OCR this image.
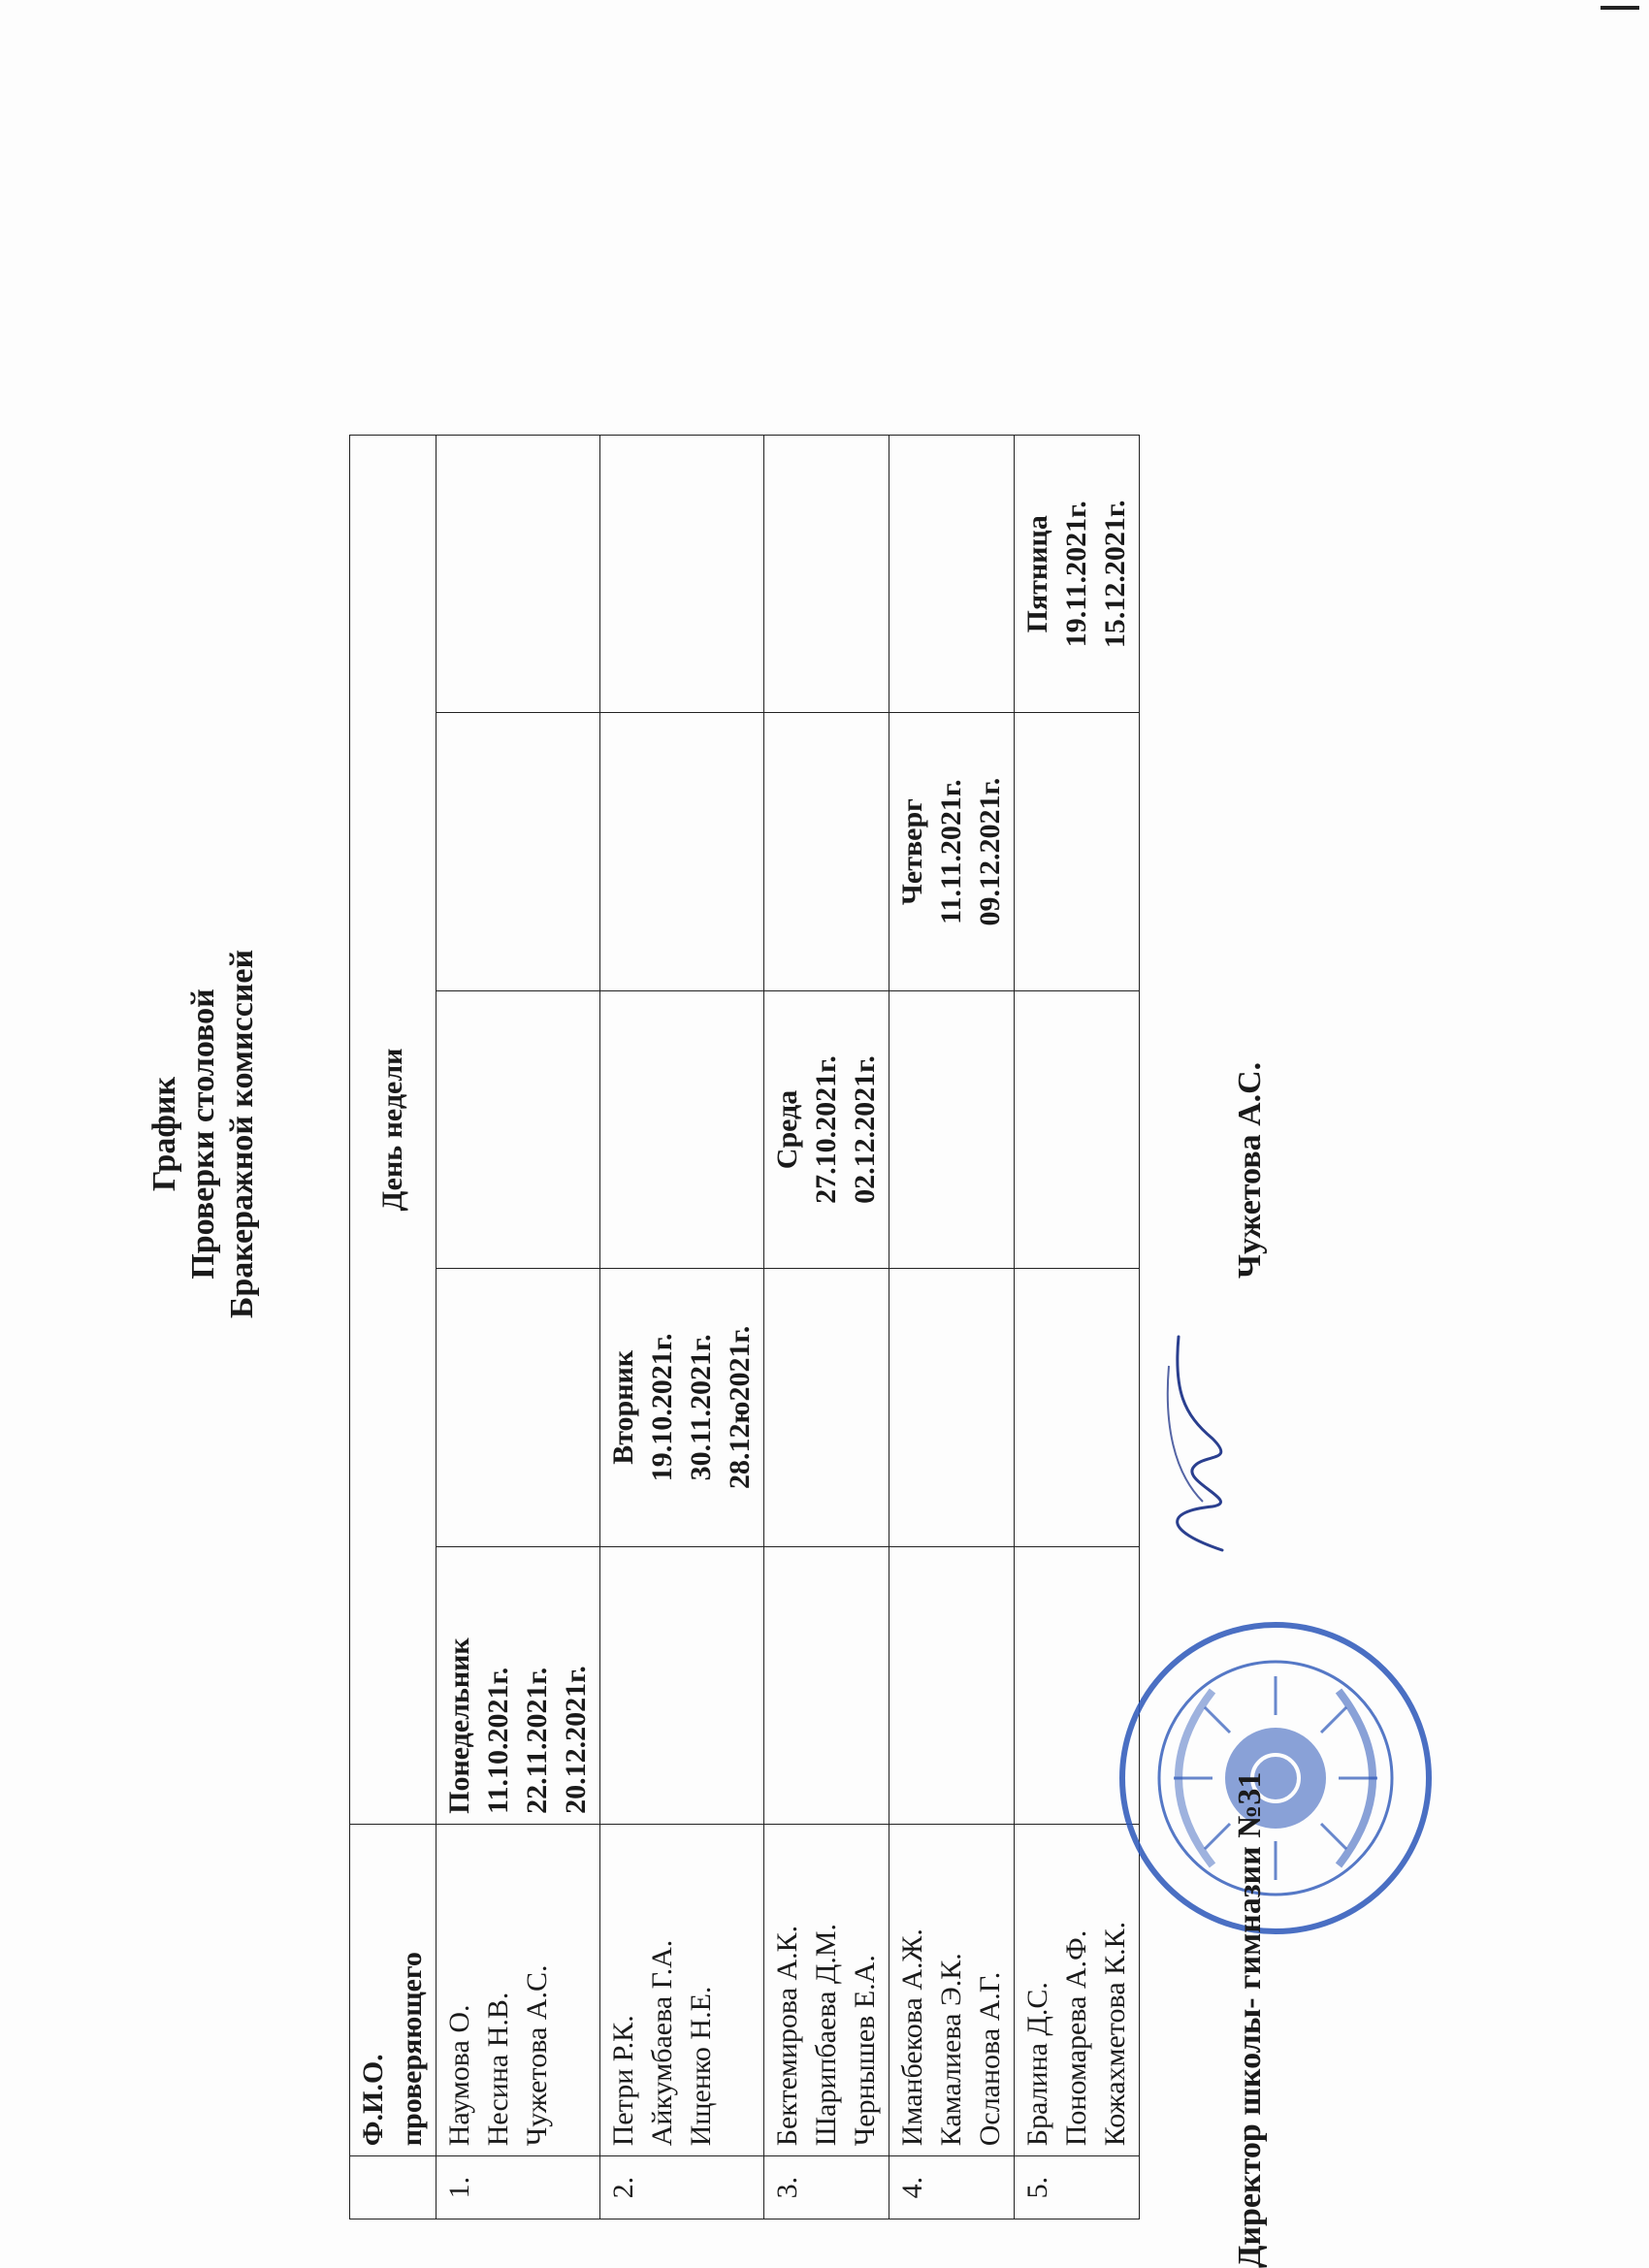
График Проверки столовой Бракеражной комиссией

	Ф.И.О. проверяющего	День недели				
1.	Наумова О. Несина Н.В. Чужетова А.С.	Понедельник 11.10.2021г. 22.11.2021г. 20.12.2021г.				

2.	Петри Р.К. Айкумбаева Г.А. Ищенко Н.Е.		Вторник 19.10.2021г. 30.11.2021г. 28.12ю2021г.			

3.	Бектемирова А.К. Шарипбаева Д.М. Чернышев Е.А.			Среда 27.10.2021г. 02.12.2021г.		

4.	Иманбекова А.Ж. Камалиева Э.К. Осланова А.Г.				Четверг 11.11.2021г. 09.12.2021г.	

5.	Бралина Д.С. Пономарева А.Ф. Кожахметова К.К.					Пятница 19.11.2021г. 15.12.2021г.
Директор школы- гимназии №31
Чужетова А.С.
